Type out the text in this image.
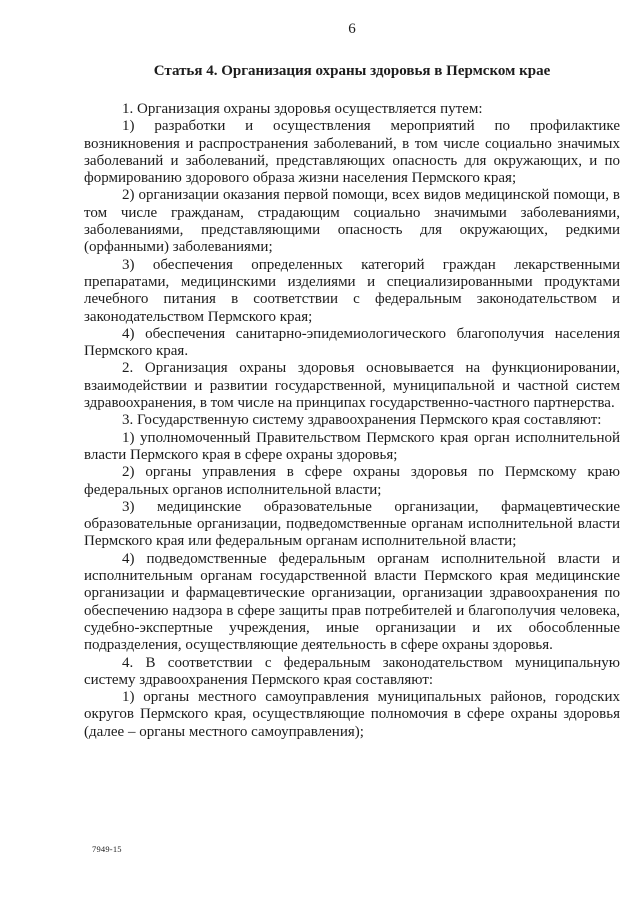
6
Статья 4. Организация охраны здоровья в Пермском крае

1. Организация охраны здоровья осуществляется путем:

1) разработки и осуществления мероприятий по профилактике возникновения и распространения заболеваний, в том числе социально значимых заболеваний и заболеваний, представляющих опасность для окружающих, и по формированию здорового образа жизни населения Пермского края;

2) организации оказания первой помощи, всех видов медицинской помощи, в том числе гражданам, страдающим социально значимыми заболеваниями, заболеваниями, представляющими опасность для окружающих, редкими (орфанными) заболеваниями;

3) обеспечения определенных категорий граждан лекарственными препаратами, медицинскими изделиями и специализированными продуктами лечебного питания в соответствии с федеральным законодательством и законодательством Пермского края;

4) обеспечения санитарно-эпидемиологического благополучия населения Пермского края.

2. Организация охраны здоровья основывается на функционировании, взаимодействии и развитии государственной, муниципальной и частной систем здравоохранения, в том числе на принципах государственно-частного партнерства.

3. Государственную систему здравоохранения Пермского края составляют:

1) уполномоченный Правительством Пермского края орган исполнительной власти Пермского края в сфере охраны здоровья;

2) органы управления в сфере охраны здоровья по Пермскому краю федеральных органов исполнительной власти;

3) медицинские образовательные организации, фармацевтические образовательные организации, подведомственные органам исполнительной власти Пермского края или федеральным органам исполнительной власти;

4) подведомственные федеральным органам исполнительной власти и исполнительным органам государственной власти Пермского края медицинские организации и фармацевтические организации, организации здравоохранения по обеспечению надзора в сфере защиты прав потребителей и благополучия человека, судебно-экспертные учреждения, иные организации и их обособленные подразделения, осуществляющие деятельность в сфере охраны здоровья.

4. В соответствии с федеральным законодательством муниципальную систему здравоохранения Пермского края составляют:

1) органы местного самоуправления муниципальных районов, городских округов Пермского края, осуществляющие полномочия в сфере охраны здоровья (далее – органы местного самоуправления);

7949-15
